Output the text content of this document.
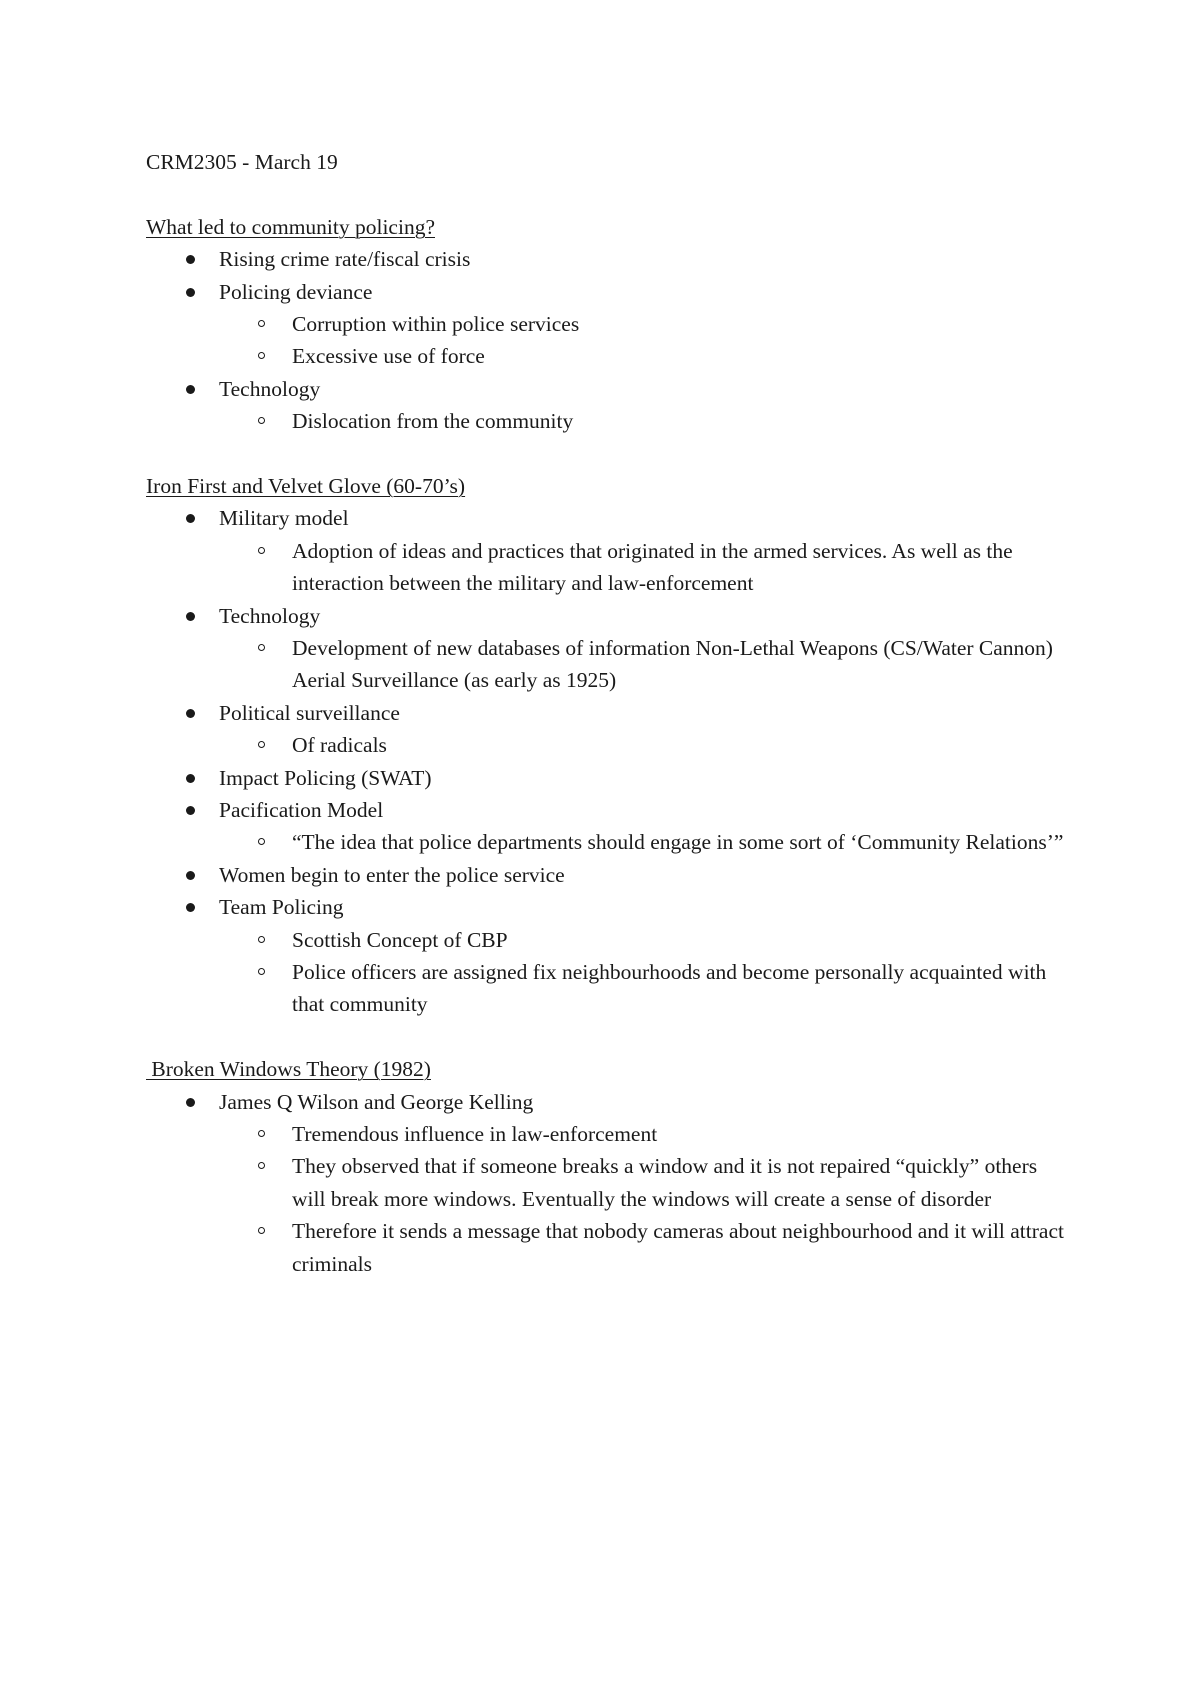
CRM2305 - March 19
What led to community policing?
Rising crime rate/fiscal crisis
Policing deviance
Corruption within police services
Excessive use of force
Technology
Dislocation from the community
Iron First and Velvet Glove (60-70’s)
Military model
Adoption of ideas and practices that originated in the armed services. As well as the interaction between the military and law-enforcement
Technology
Development of new databases of information Non-Lethal Weapons (CS/Water Cannon) Aerial Surveillance (as early as 1925)
Political surveillance
Of radicals
Impact Policing (SWAT)
Pacification Model
“The idea that police departments should engage in some sort of ‘Community Relations’”
Women begin to enter the police service
Team Policing
Scottish Concept of CBP
Police officers are assigned fix neighbourhoods and become personally acquainted with that community
Broken Windows Theory (1982)
James Q Wilson and George Kelling
Tremendous influence in law-enforcement
They observed that if someone breaks a window and it is not repaired “quickly” others will break more windows. Eventually the windows will create a sense of disorder
Therefore it sends a message that nobody cameras about neighbourhood and it will attract criminals
